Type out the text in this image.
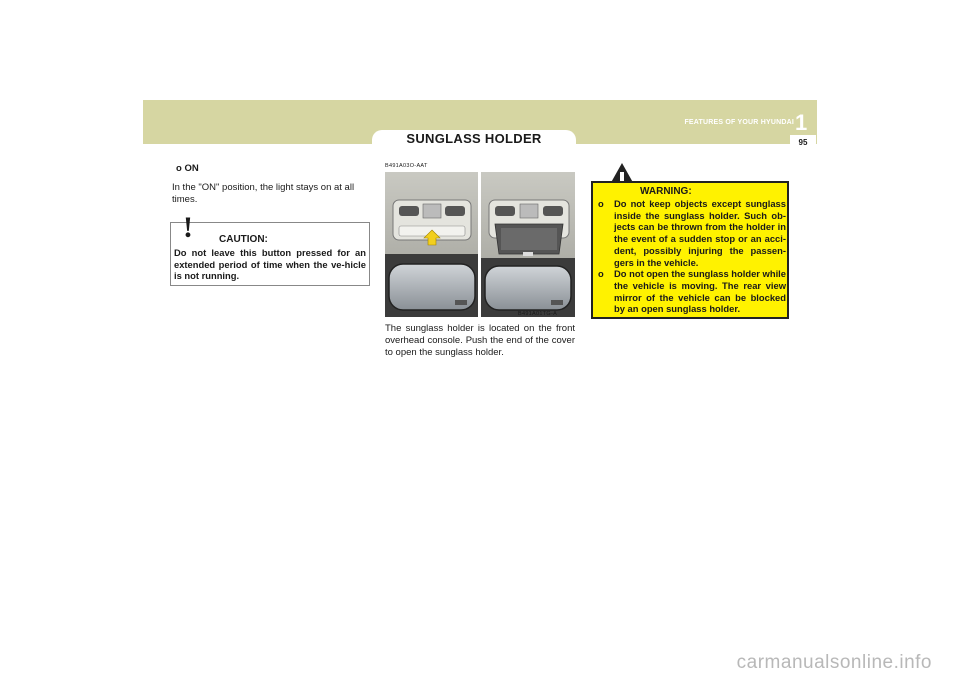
SUNGLASS HOLDER
FEATURES OF YOUR HYUNDAI 1
95

o ON

In the "ON" position, the light stays on at all times.

!	CAUTION:
Do not leave this button pressed for an extended period of time when the ve-hicle is not running.
B491A03O-AAT
B491A01TG-A

The sunglass holder is located on the front overhead console. Push the end of the cover to open the sunglass holder.

WARNING:
o Do not keep objects except sunglass inside the sunglass holder. Such ob-jects can be thrown from the holder in the event of a sudden stop or an acci-dent, possibly injuring the passen-gers in the vehicle.
o Do not open the sunglass holder while the vehicle is moving. The rear view mirror of the vehicle can be blocked by an open sunglass holder.
carmanualsonline.info
